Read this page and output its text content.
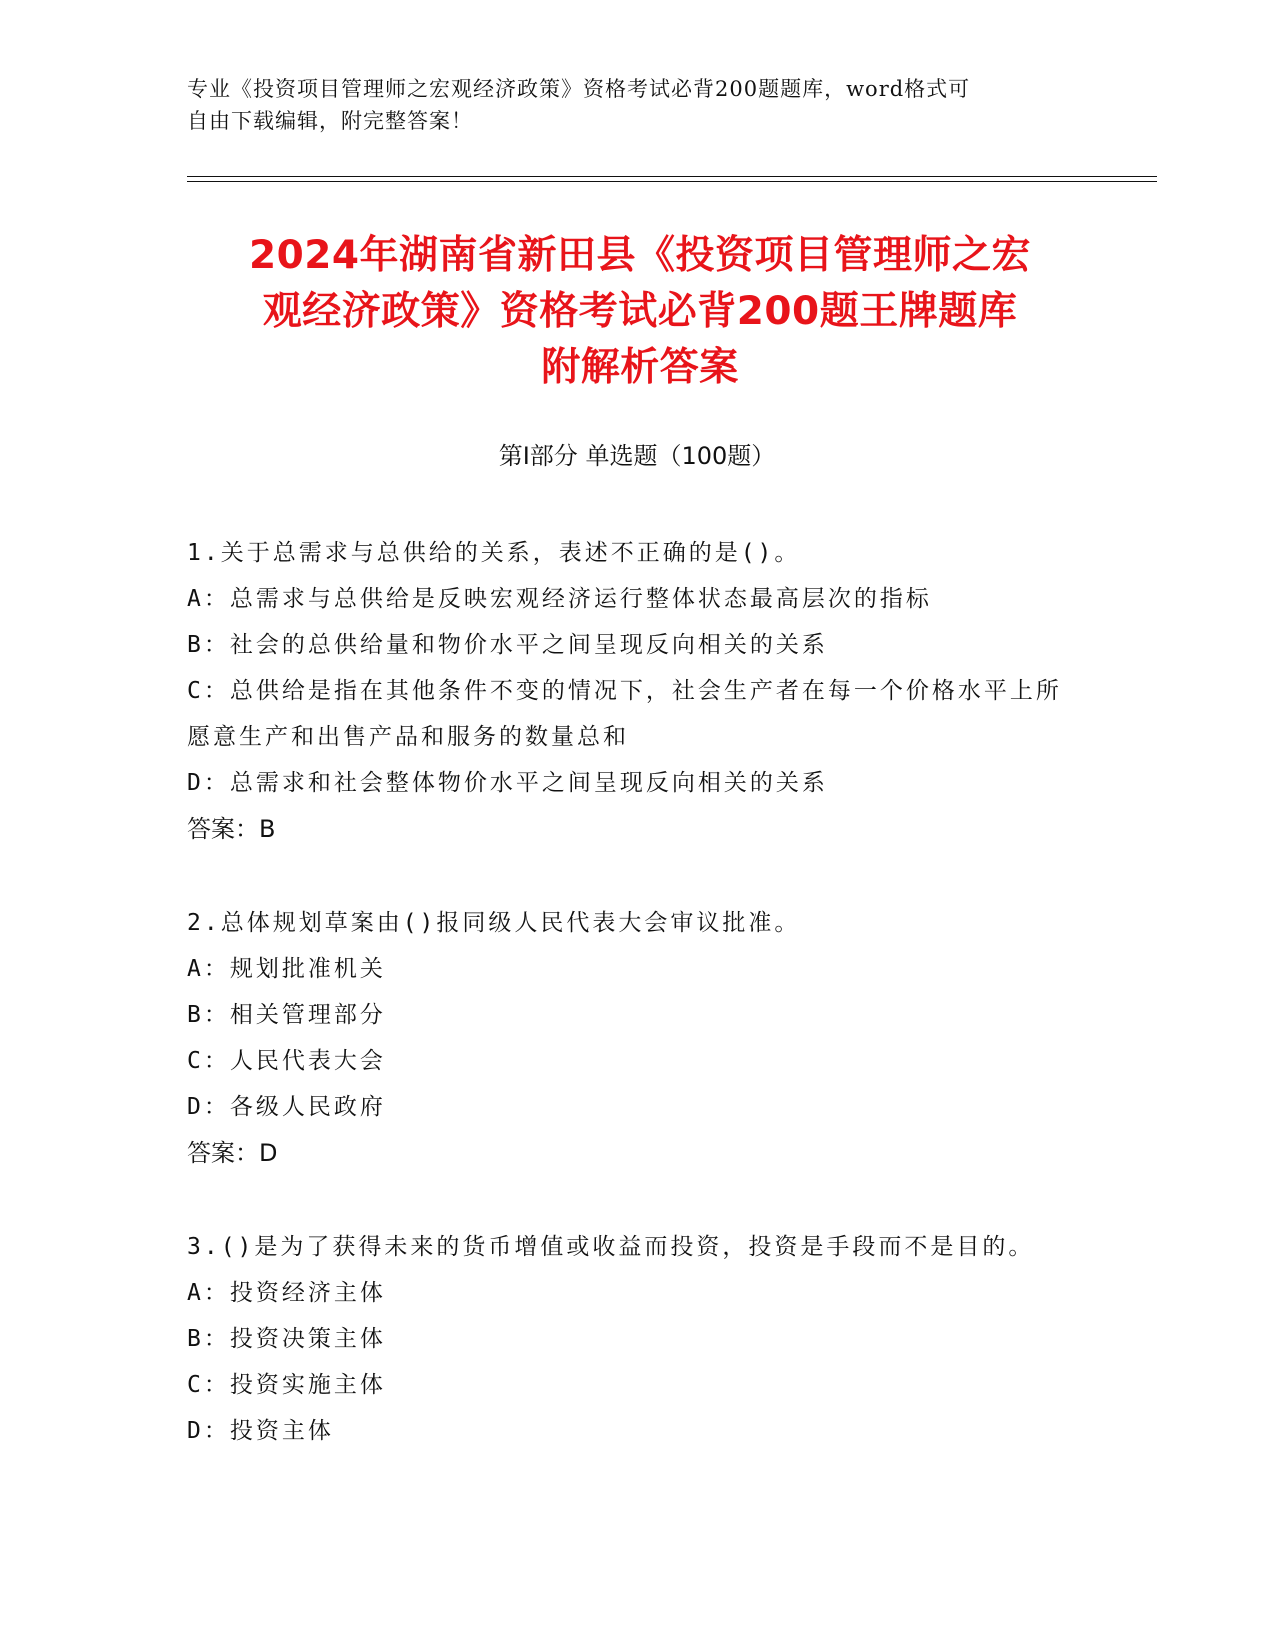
专业《投资项目管理师之宏观经济政策》资格考试必背200题题库，word格式可
自由下载编辑，附完整答案！
2024年湖南省新田县《投资项目管理师之宏
观经济政策》资格考试必背200题王牌题库
附解析答案
第Ⅰ部分 单选题（100题）
1.关于总需求与总供给的关系，表述不正确的是()。
A：总需求与总供给是反映宏观经济运行整体状态最高层次的指标
B：社会的总供给量和物价水平之间呈现反向相关的关系
C：总供给是指在其他条件不变的情况下，社会生产者在每一个价格水平上所愿意生产和出售产品和服务的数量总和
D：总需求和社会整体物价水平之间呈现反向相关的关系
答案：B
2.总体规划草案由()报同级人民代表大会审议批准。
A：规划批准机关
B：相关管理部分
C：人民代表大会
D：各级人民政府
答案：D
3.()是为了获得未来的货币增值或收益而投资，投资是手段而不是目的。
A：投资经济主体
B：投资决策主体
C：投资实施主体
D：投资主体
